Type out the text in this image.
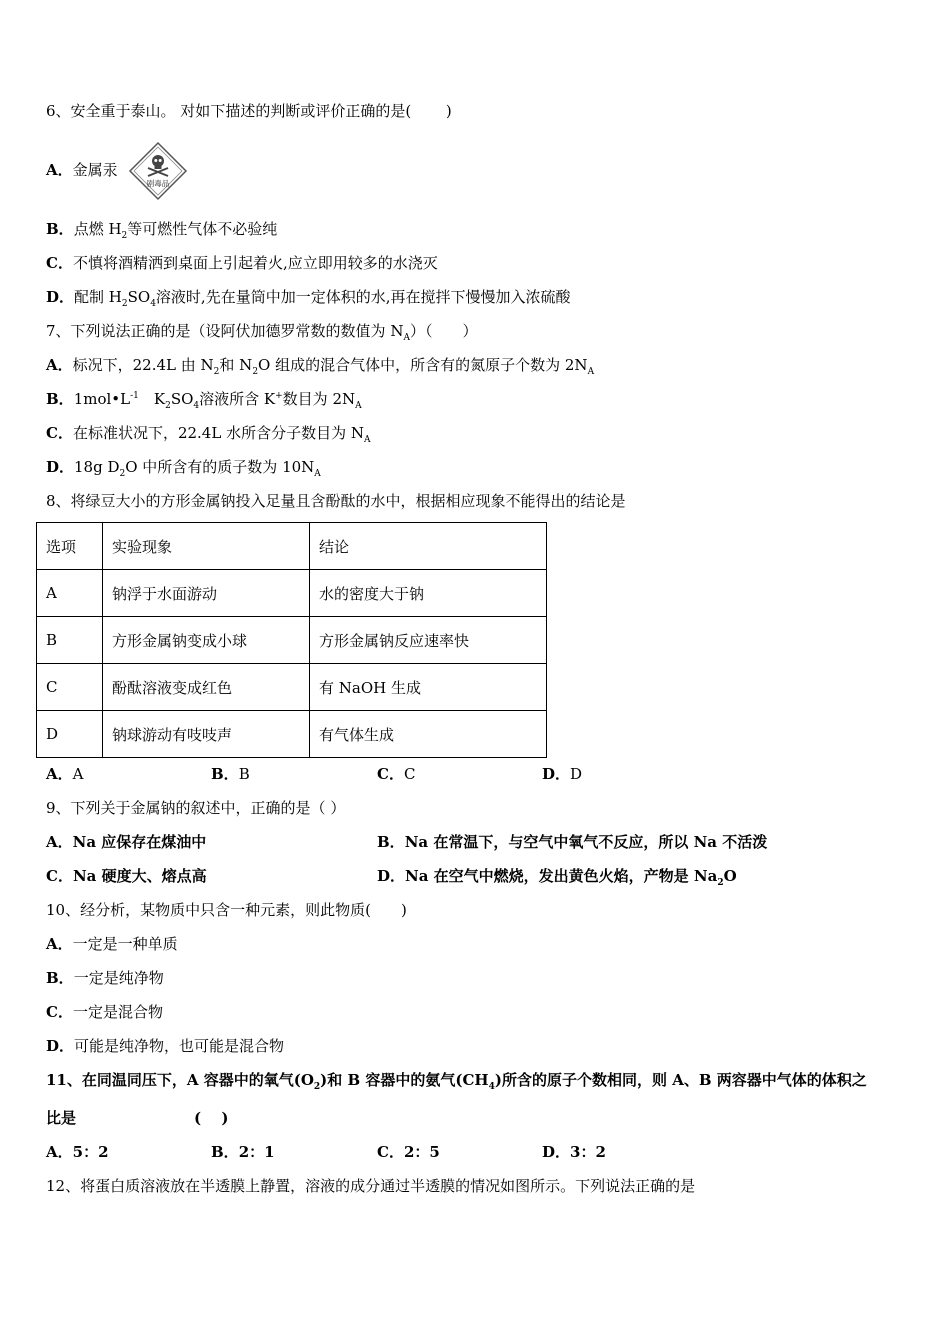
6、安全重于泰山。 对如下描述的判断或评价正确的是(　　 )
A．金属汞
剧毒品
B．点燃 $H_2$等可燃性气体不必验纯
C．不慎将酒精洒到桌面上引起着火,应立即用较多的水浇灭
D．配制 $H_2SO_4$溶液时,先在量筒中加一定体积的水,再在搅拌下慢慢加入浓硫酸
7、下列说法正确的是（设阿伏加德罗常数的数值为 $N_A$）（　　）
A．标况下，22.4L 由 $N_2$和 $N_2O$ 组成的混合气体中，所含有的氮原子个数为 $2N_A$
B．$1mol•L^{-1}$　$K_2SO_4$溶液所含 K+数目为 $2N_A$
C．在标准状况下，22.4L 水所含分子数目为 $N_A$
D．18g $D_2O$ 中所含有的质子数为 $10N_A$
8、将绿豆大小的方形金属钠投入足量且含酚酞的水中，根据相应现象不能得出的结论是
选项	实验现象	结论
A	钠浮于水面游动	水的密度大于钠
B	方形金属钠变成小球	方形金属钠反应速率快
C	酚酞溶液变成红色	有 NaOH 生成
D	钠球游动有吱吱声	有气体生成
A．A	B．B	C．C	D．D
9、下列关于金属钠的叙述中，正确的是（ ）
A．Na 应保存在煤油中	B．Na 在常温下，与空气中氧气不反应，所以 Na 不活泼
C．Na 硬度大、熔点高	D．Na 在空气中燃烧，发出黄色火焰，产物是 $Na_2O$
10、经分析，某物质中只含一种元素，则此物质(　　)
A．一定是一种单质
B．一定是纯净物
C．一定是混合物
D．可能是纯净物，也可能是混合物
11、在同温同压下，A 容器中的氧气$(O_2)$和 B 容器中的氨气$(CH_4)$所含的原子个数相同，则 A、B 两容器中气体的体积之
比是	(　 )
A．5：2	B．2：1	C．2：5	D．3：2
12、将蛋白质溶液放在半透膜上静置，溶液的成分通过半透膜的情况如图所示。下列说法正确的是
